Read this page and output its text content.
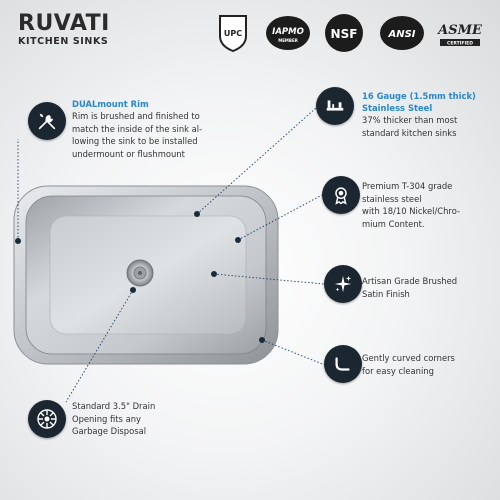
RUVATI
KITCHEN SINKS
UPC	IAPMO
MEMBER	NSF	ANSI ASME
CERTIFIED
DUALmount Rim
Rim is brushed and finished to
match the inside of the sink al-
lowing the sink to be installed
undermount or flushmount
16 Gauge (1.5mm thick)
Stainless Steel
37% thicker than most
standard kitchen sinks
Premium T-304 grade
stainless steel
with 18/10 Nickel/Chro-
mium Content.
Artisan Grade Brushed
Satin Finish
Gently curved corners
for easy cleaning
Standard 3.5" Drain
Opening fits any
Garbage Disposal
